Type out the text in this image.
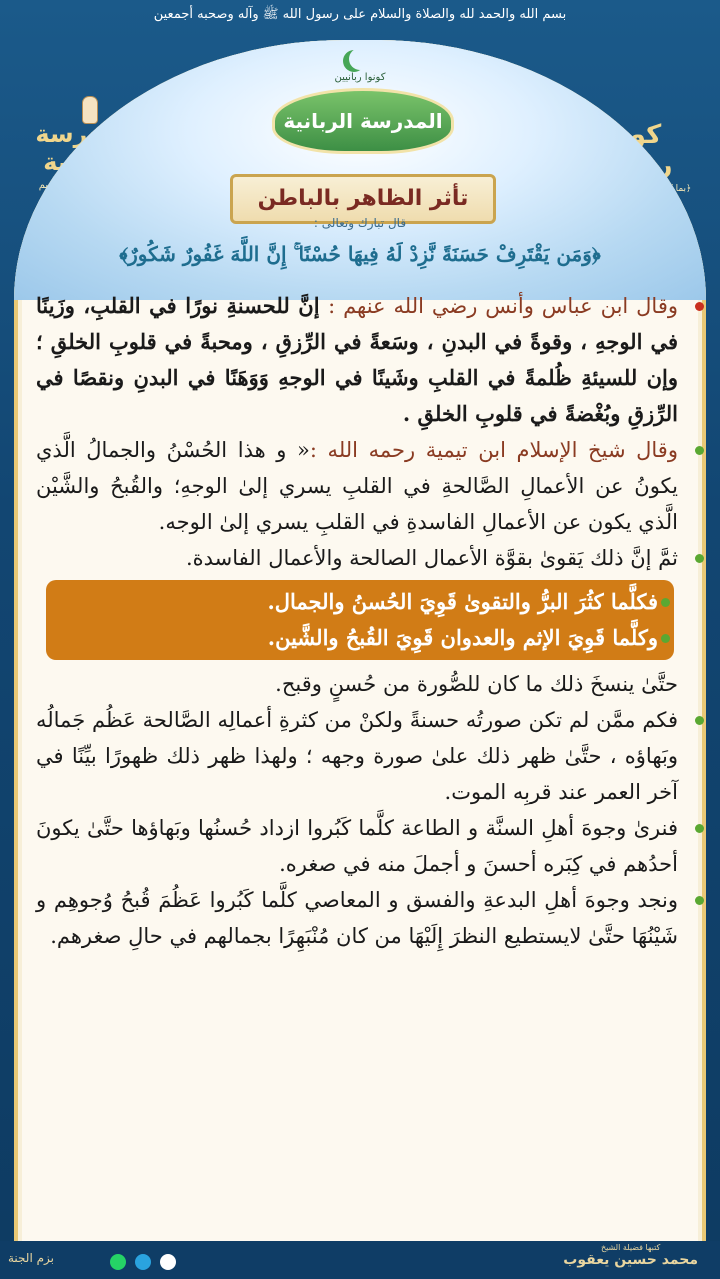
بسم الله والحمد لله والصلاة والسلام على رسول الله ﷺ وآله وصحبه أجمعين
كونوا ربانيين
المدرسة الربانية
تأثر الظاهر بالباطن
قال تبارك وتعالى :
﴿وَمَن يَقْتَرِفْ حَسَنَةً نَّزِدْ لَهُ فِيهَا حُسْنًا ۚ إِنَّ اللَّهَ غَفُورٌ شَكُورٌ﴾
وقال ابن عباس وأنس رضي الله عنهم : إنَّ للحسنةِ نورًا في القلبِ، وزَينًا في الوجهِ ، وقوةً في البدنِ ، وسَعةً في الرِّزقِ ، ومحبةً في قلوبِ الخلقِ ؛ وإن للسيئةِ ظُلمةً في القلبِ وشَينًا في الوجهِ وَوَهَنًا في البدنِ ونقصًا في الرِّزقِ وبُغْضةً في قلوبِ الخلقِ .
وقال شيخ الإسلام ابن تيمية رحمه الله :« و هذا الحُسْنُ والجمالُ الَّذي يكونُ عن الأعمالِ الصَّالحةِ في القلبِ يسري إلىٰ الوجهِ؛ والقُبحُ والشَّيْن الَّذي يكون عن الأعمالِ الفاسدةِ في القلبِ يسري إلىٰ الوجه.
ثمَّ إنَّ ذلك يَقوىٰ بقوَّة الأعمال الصالحة والأعمال الفاسدة.
فكلَّما كثُرَ البرُّ والتقوىٰ قَوِيَ الحُسنُ والجمال.
وكلَّما قَوِيَ الإثم والعدوان قَوِيَ القُبحُ والشَّين.
حتَّىٰ ينسخَ ذلك ما كان للصُّورة من حُسنٍ وقبح.
فكم ممَّن لم تكن صورتُه حسنةً ولكنْ من كثرةِ أعمالِه الصَّالحة عَظُم جَمالُه وبَهاؤه ، حتَّىٰ ظهر ذلك علىٰ صورة وجهه ؛ ولهذا ظهر ذلك ظهورًا بيِّنًا في آخر العمر عند قربِه الموت.
فنرىٰ وجوهَ أهلِ السنَّة و الطاعة كلَّما كَبُروا ازداد حُسنُها وبَهاؤها حتَّىٰ يكونَ أحدُهم في كِبَره أحسنَ و أجملَ منه في صغره.
ونجد وجوهَ أهلِ البدعةِ والفسق و المعاصي كلَّما كَبُروا عَظُمَ قُبحُ وُجوهِم و شَيْنُهَا حتَّىٰ لايستطيع النظرَ إِلَيْهَا من كان مُنْبَهِرًا بجمالهم في حالِ صغرهم.
بزم الجنة

كتبها فضيلة الشيخ
محمد حسين يعقوب
